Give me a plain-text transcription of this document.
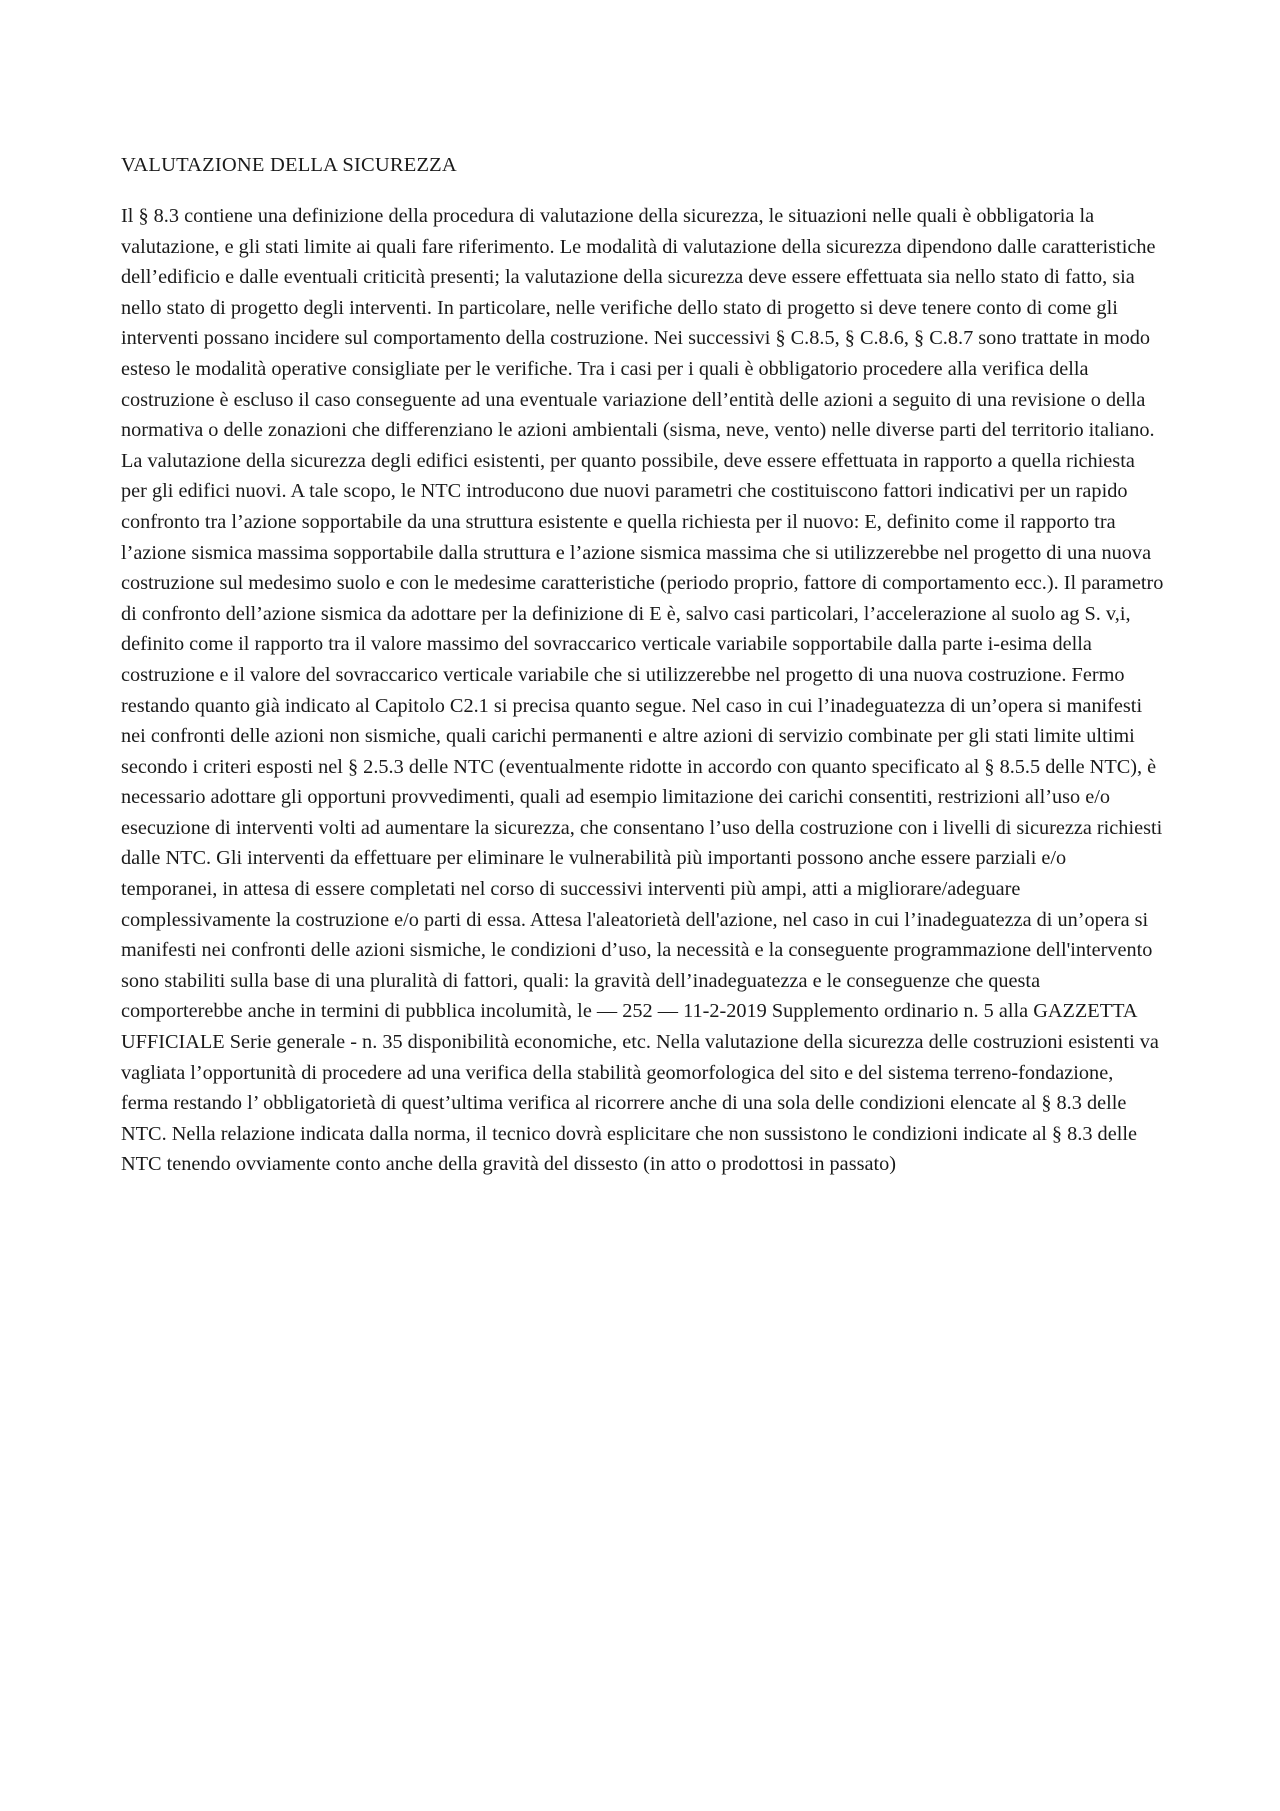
VALUTAZIONE DELLA SICUREZZA

Il § 8.3 contiene una definizione della procedura di valutazione della sicurezza, le situazioni nelle quali è obbligatoria la valutazione, e gli stati limite ai quali fare riferimento. Le modalità di valutazione della sicurezza dipendono dalle caratteristiche dell’edificio e dalle eventuali criticità presenti; la valutazione della sicurezza deve essere effettuata sia nello stato di fatto, sia nello stato di progetto degli interventi. In particolare, nelle verifiche dello stato di progetto si deve tenere conto di come gli interventi possano incidere sul comportamento della costruzione. Nei successivi § C.8.5, § C.8.6, § C.8.7 sono trattate in modo esteso le modalità operative consigliate per le verifiche. Tra i casi per i quali è obbligatorio procedere alla verifica della costruzione è escluso il caso conseguente ad una eventuale variazione dell’entità delle azioni a seguito di una revisione o della normativa o delle zonazioni che differenziano le azioni ambientali (sisma, neve, vento) nelle diverse parti del territorio italiano. La valutazione della sicurezza degli edifici esistenti, per quanto possibile, deve essere effettuata in rapporto a quella richiesta per gli edifici nuovi. A tale scopo, le NTC introducono due nuovi parametri che costituiscono fattori indicativi per un rapido confronto tra l’azione sopportabile da una struttura esistente e quella richiesta per il nuovo: E, definito come il rapporto tra l’azione sismica massima sopportabile dalla struttura e l’azione sismica massima che si utilizzerebbe nel progetto di una nuova costruzione sul medesimo suolo e con le medesime caratteristiche (periodo proprio, fattore di comportamento ecc.). Il parametro di confronto dell’azione sismica da adottare per la definizione di E è, salvo casi particolari, l’accelerazione al suolo ag S. v,i, definito come il rapporto tra il valore massimo del sovraccarico verticale variabile sopportabile dalla parte i-esima della costruzione e il valore del sovraccarico verticale variabile che si utilizzerebbe nel progetto di una nuova costruzione. Fermo restando quanto già indicato al Capitolo C2.1 si precisa quanto segue. Nel caso in cui l’inadeguatezza di un’opera si manifesti nei confronti delle azioni non sismiche, quali carichi permanenti e altre azioni di servizio combinate per gli stati limite ultimi secondo i criteri esposti nel § 2.5.3 delle NTC (eventualmente ridotte in accordo con quanto specificato al § 8.5.5 delle NTC), è necessario adottare gli opportuni provvedimenti, quali ad esempio limitazione dei carichi consentiti, restrizioni all’uso e/o esecuzione di interventi volti ad aumentare la sicurezza, che consentano l’uso della costruzione con i livelli di sicurezza richiesti dalle NTC. Gli interventi da effettuare per eliminare le vulnerabilità più importanti possono anche essere parziali e/o temporanei, in attesa di essere completati nel corso di successivi interventi più ampi, atti a migliorare/adeguare complessivamente la costruzione e/o parti di essa. Attesa l'aleatorietà dell'azione, nel caso in cui l’inadeguatezza di un’opera si manifesti nei confronti delle azioni sismiche, le condizioni d’uso, la necessità e la conseguente programmazione dell'intervento sono stabiliti sulla base di una pluralità di fattori, quali: la gravità dell’inadeguatezza e le conseguenze che questa comporterebbe anche in termini di pubblica incolumità, le — 252 — 11-2-2019 Supplemento ordinario n. 5 alla GAZZETTA UFFICIALE Serie generale - n. 35 disponibilità economiche, etc. Nella valutazione della sicurezza delle costruzioni esistenti va vagliata l’opportunità di procedere ad una verifica della stabilità geomorfologica del sito e del sistema terreno-fondazione, ferma restando l’ obbligatorietà di quest’ultima verifica al ricorrere anche di una sola delle condizioni elencate al § 8.3 delle NTC. Nella relazione indicata dalla norma, il tecnico dovrà esplicitare che non sussistono le condizioni indicate al § 8.3 delle NTC tenendo ovviamente conto anche della gravità del dissesto (in atto o prodottosi in passato)
